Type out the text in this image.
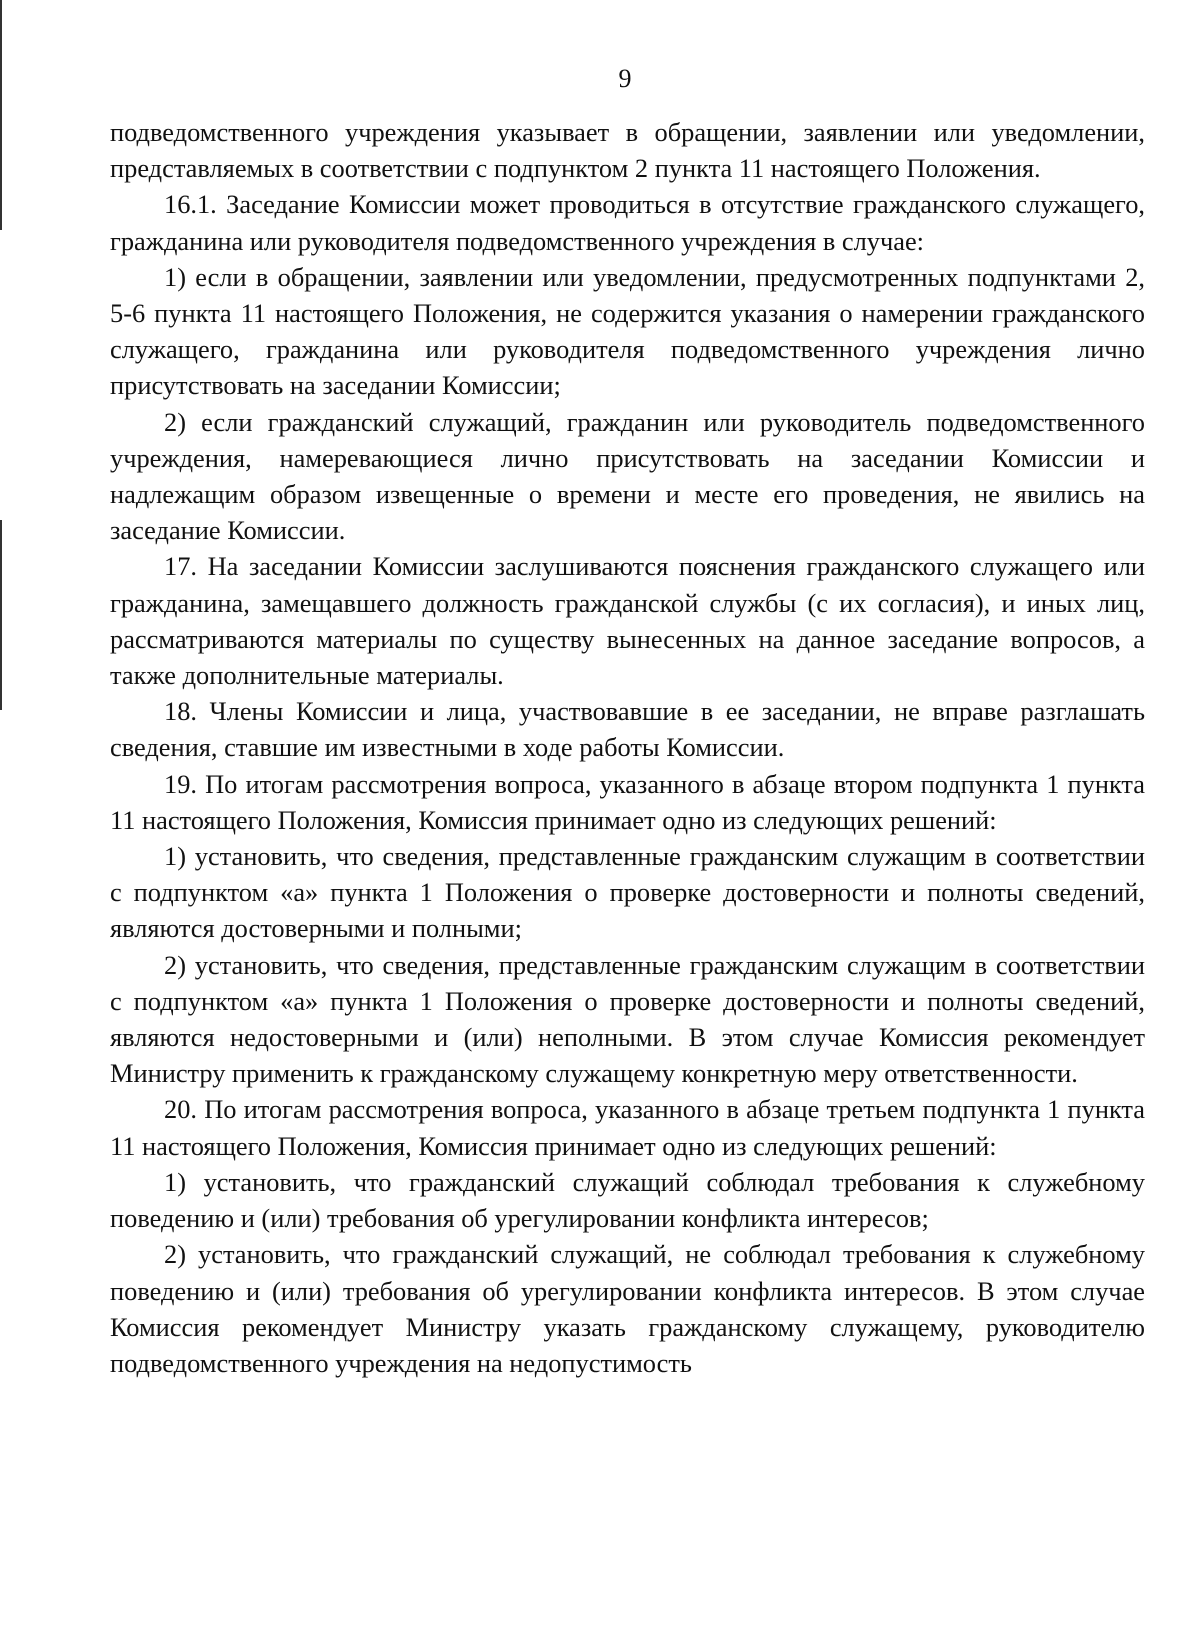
9

подведомственного учреждения указывает в обращении, заявлении или уведомлении, представляемых в соответствии с подпунктом 2 пункта 11 настоящего Положения.

16.1. Заседание Комиссии может проводиться в отсутствие гражданского служащего, гражданина или руководителя подведомственного учреждения в случае:

1) если в обращении, заявлении или уведомлении, предусмотренных подпунктами 2, 5-6 пункта 11 настоящего Положения, не содержится указания о намерении гражданского служащего, гражданина или руководителя подведомственного учреждения лично присутствовать на заседании Комиссии;

2) если гражданский служащий, гражданин или руководитель подведомственного учреждения, намеревающиеся лично присутствовать на заседании Комиссии и надлежащим образом извещенные о времени и месте его проведения, не явились на заседание Комиссии.

17. На заседании Комиссии заслушиваются пояснения гражданского служащего или гражданина, замещавшего должность гражданской службы (с их согласия), и иных лиц, рассматриваются материалы по существу вынесенных на данное заседание вопросов, а также дополнительные материалы.

18. Члены Комиссии и лица, участвовавшие в ее заседании, не вправе разглашать сведения, ставшие им известными в ходе работы Комиссии.

19. По итогам рассмотрения вопроса, указанного в абзаце втором подпункта 1 пункта 11 настоящего Положения, Комиссия принимает одно из следующих решений:

1) установить, что сведения, представленные гражданским служащим в соответствии с подпунктом «а» пункта 1 Положения о проверке достоверности и полноты сведений, являются достоверными и полными;

2) установить, что сведения, представленные гражданским служащим в соответствии с подпунктом «а» пункта 1 Положения о проверке достоверности и полноты сведений, являются недостоверными и (или) неполными. В этом случае Комиссия рекомендует Министру применить к гражданскому служащему конкретную меру ответственности.

20. По итогам рассмотрения вопроса, указанного в абзаце третьем подпункта 1 пункта 11 настоящего Положения, Комиссия принимает одно из следующих решений:

1) установить, что гражданский служащий соблюдал требования к служебному поведению и (или) требования об урегулировании конфликта интересов;

2) установить, что гражданский служащий, не соблюдал требования к служебному поведению и (или) требования об урегулировании конфликта интересов. В этом случае Комиссия рекомендует Министру указать гражданскому служащему, руководителю подведомственного учреждения на недопустимость
